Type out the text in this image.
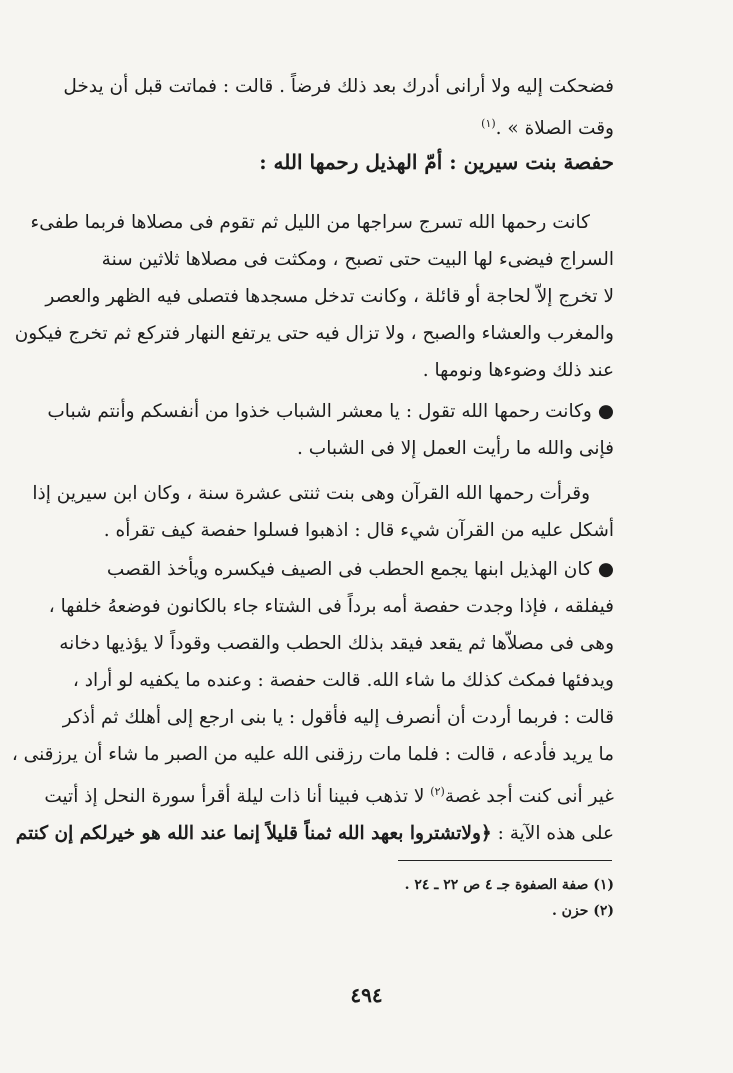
فضحكت إليه ولا أرانى أدرك بعد ذلك فرضاً . قالت : فماتت قبل أن يدخل
وقت الصلاة » .$^{(١)}$
حفصة بنت سيرين : أمّ الهذيل رحمها الله :
كانت رحمها الله تسرج سراجها من الليل ثم تقوم فى مصلاها فربما طفىء
السراج فيضىء لها البيت حتى تصبح ، ومكثت فى مصلاها ثلاثين سنة
لا تخرج إلاّ لحاجة أو قائلة ، وكانت تدخل مسجدها فتصلى فيه الظهر والعصر
والمغرب والعشاء والصبح ، ولا تزال فيه حتى يرتفع النهار فتركع ثم تخرج فيكون
عند ذلك وضوءها ونومها .
●وكانت رحمها الله تقول : يا معشر الشباب خذوا من أنفسكم وأنتم شباب
فإنى والله ما رأيت العمل إلا فى الشباب .
وقرأت رحمها الله القرآن وهى بنت ثنتى عشرة سنة ، وكان ابن سيرين إذا
أشكل عليه من القرآن شيء قال : اذهبوا فسلوا حفصة كيف تقرأه .
●كان الهذيل ابنها يجمع الحطب فى الصيف فيكسره ويأخذ القصب
فيفلقه ، فإذا وجدت حفصة أمه برداً فى الشتاء جاء بالكانون فوضعهُ خلفها ،
وهى فى مصلاّها ثم يقعد فيقد بذلك الحطب والقصب وقوداً لا يؤذيها دخانه
ويدفئها فمكث كذلك ما شاء الله. قالت حفصة : وعنده ما يكفيه لو أراد ،
قالت : فربما أردت أن أنصرف إليه فأقول : يا بنى ارجع إلى أهلك ثم أذكر
ما يريد فأدعه ، قالت : فلما مات رزقنى الله عليه من الصبر ما شاء أن يرزقنى ،
غير أنى كنت أجد غصة$^{(٢)}$ لا تذهب فبينا أنا ذات ليلة أقرأ سورة النحل إذ أتيت
على هذه الآية : ﴿ولاتشتروا بعهد الله ثمناً قليلاً إنما عند الله هو خيرلكم إن كنتم
(١) صفة الصفوة جـ ٤ ص ٢٢ ـ ٢٤ .
(٢) حزن .
٤٩٤
